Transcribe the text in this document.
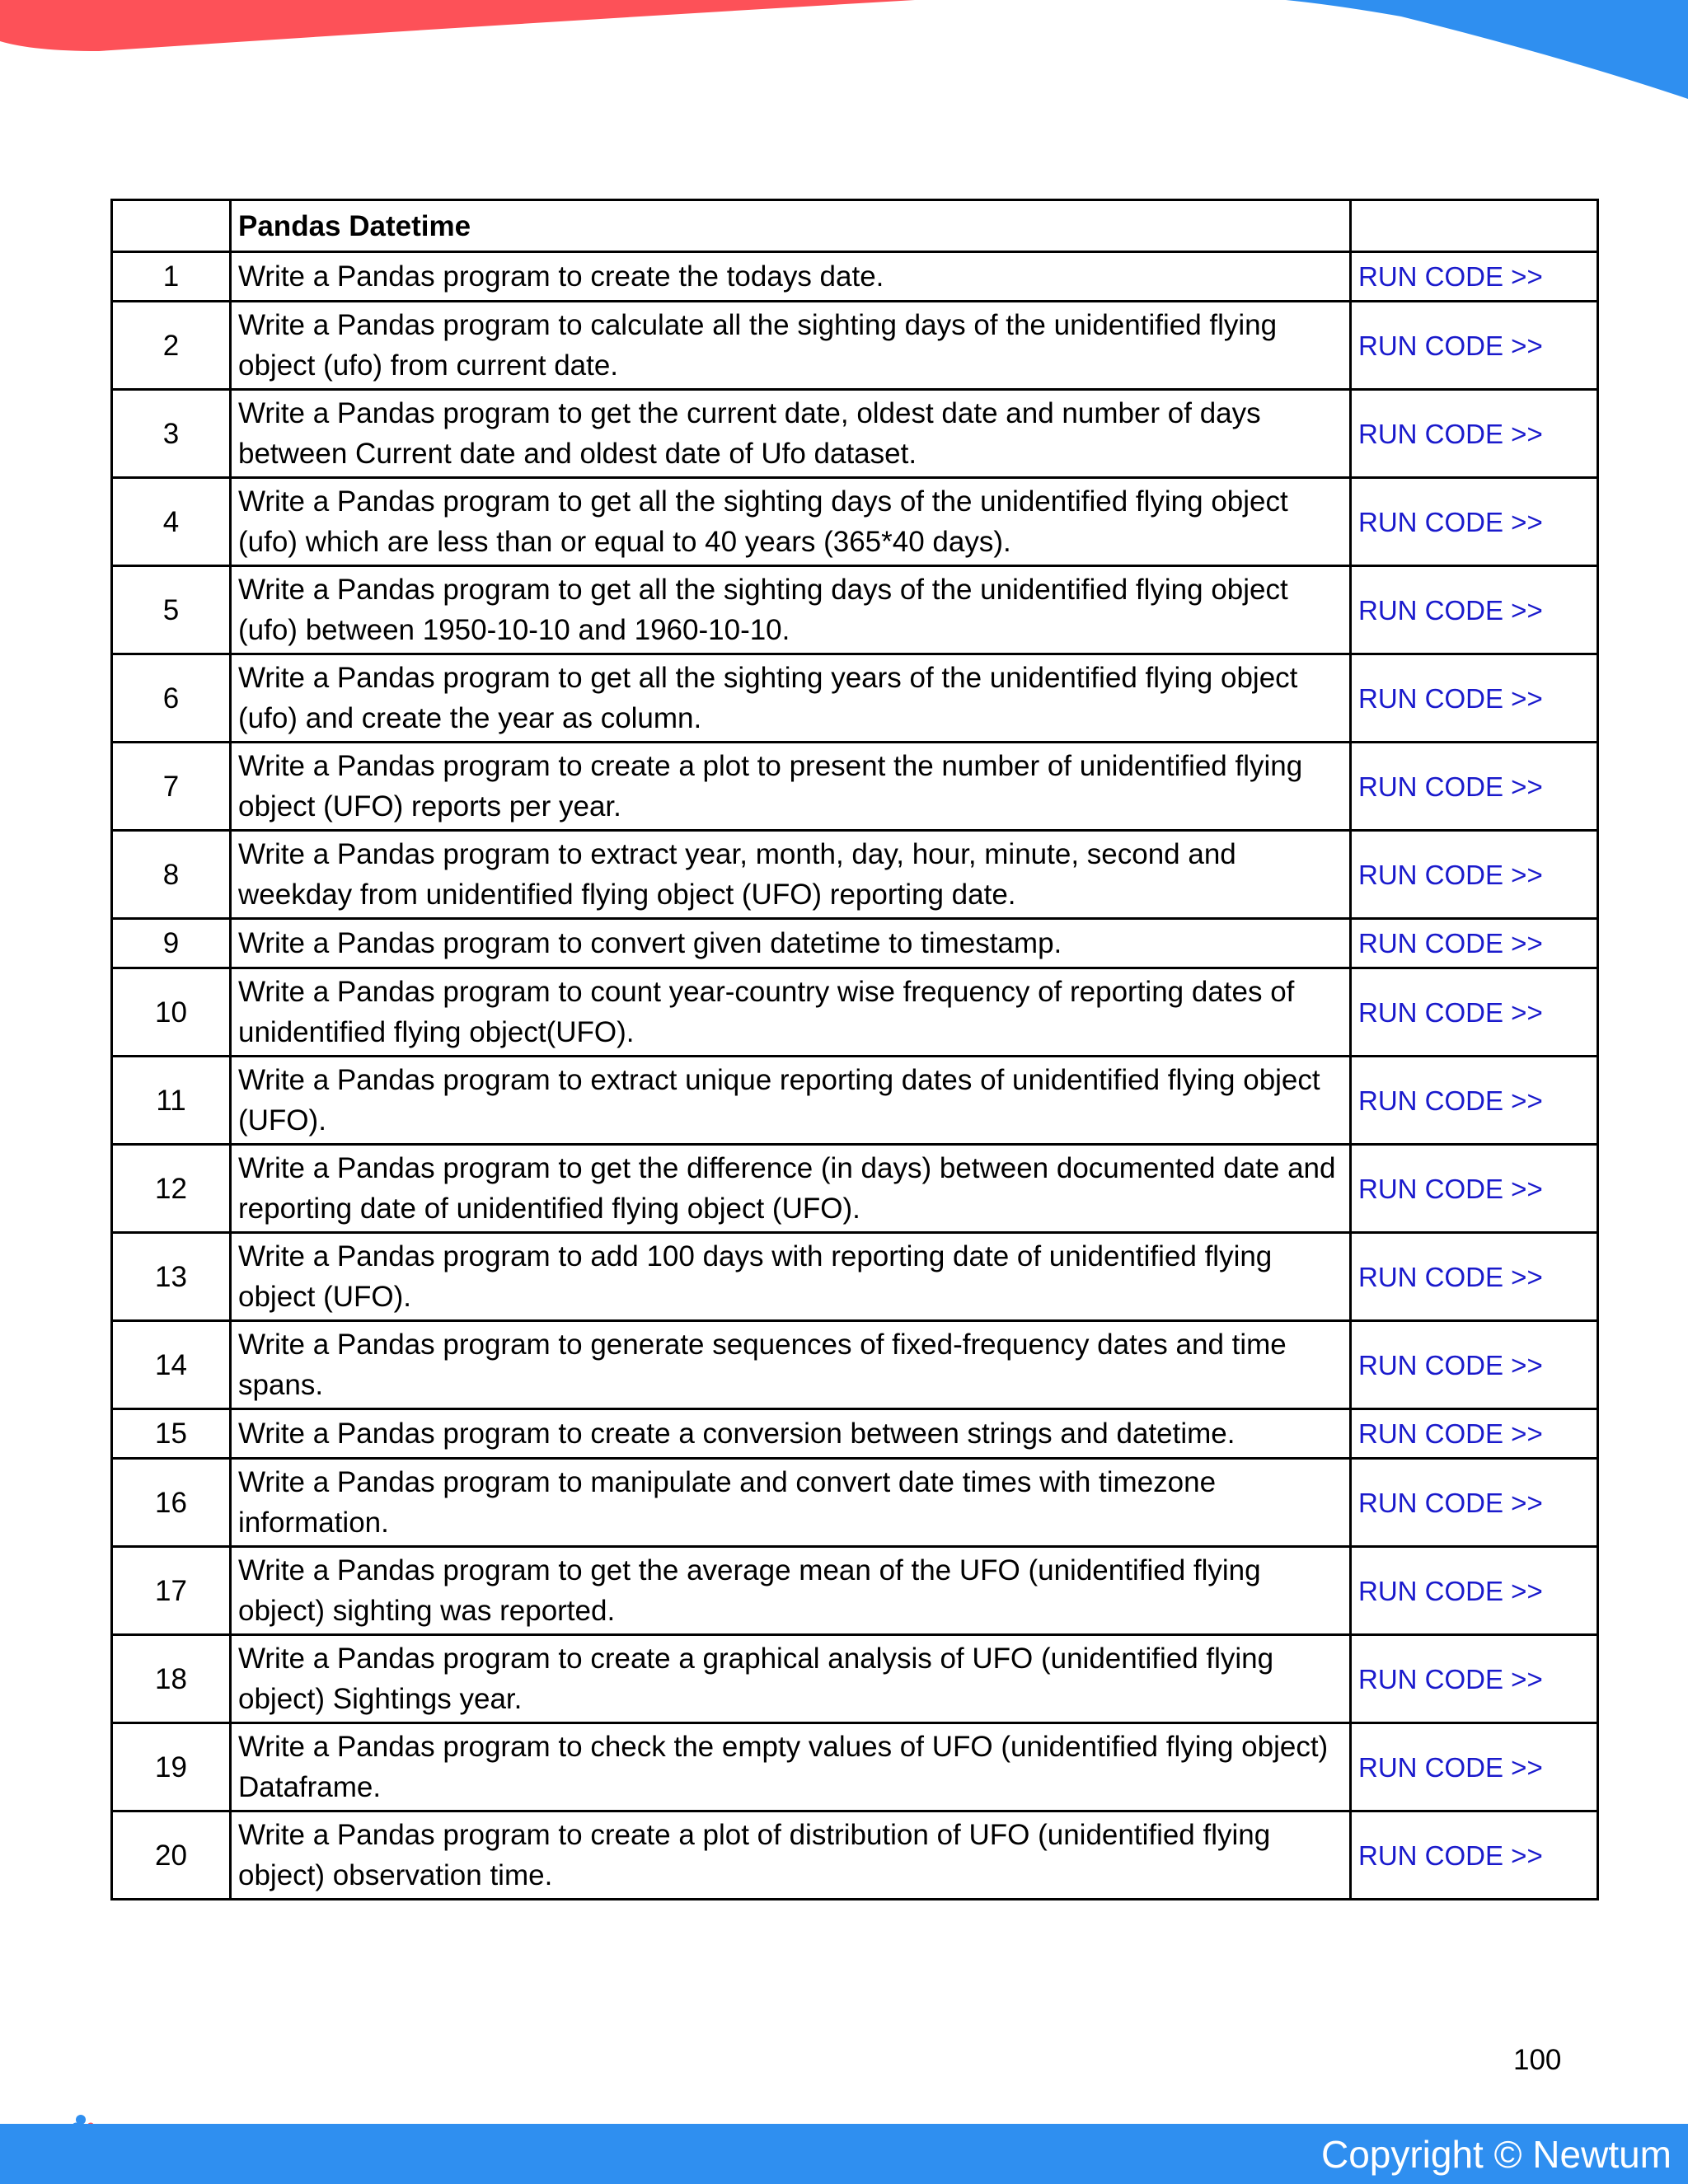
	Pandas Datetime	
1	Write a Pandas program to create the todays date.	RUN CODE >>
2	Write a Pandas program to calculate all the sighting days of the unidentified flying object (ufo) from current date.	RUN CODE >>
3	Write a Pandas program to get the current date, oldest date and number of days between Current date and oldest date of Ufo dataset.	RUN CODE >>
4	Write a Pandas program to get all the sighting days of the unidentified flying object (ufo) which are less than or equal to 40 years (365*40 days).	RUN CODE >>
5	Write a Pandas program to get all the sighting days of the unidentified flying object (ufo) between 1950-10-10 and 1960-10-10.	RUN CODE >>
6	Write a Pandas program to get all the sighting years of the unidentified flying object (ufo) and create the year as column.	RUN CODE >>
7	Write a Pandas program to create a plot to present the number of unidentified flying object (UFO) reports per year.	RUN CODE >>
8	Write a Pandas program to extract year, month, day, hour, minute, second and weekday from unidentified flying object (UFO) reporting date.	RUN CODE >>
9	Write a Pandas program to convert given datetime to timestamp.	RUN CODE >>
10	Write a Pandas program to count year-country wise frequency of reporting dates of unidentified flying object(UFO).	RUN CODE >>
11	Write a Pandas program to extract unique reporting dates of unidentified flying object (UFO).	RUN CODE >>
12	Write a Pandas program to get the difference (in days) between documented date and reporting date of unidentified flying object (UFO).	RUN CODE >>
13	Write a Pandas program to add 100 days with reporting date of unidentified flying object (UFO).	RUN CODE >>
14	Write a Pandas program to generate sequences of fixed-frequency dates and time spans.	RUN CODE >>
15	Write a Pandas program to create a conversion between strings and datetime.	RUN CODE >>
16	Write a Pandas program to manipulate and convert date times with timezone information.	RUN CODE >>
17	Write a Pandas program to get the average mean of the UFO (unidentified flying object) sighting was reported.	RUN CODE >>
18	Write a Pandas program to create a graphical analysis of UFO (unidentified flying object) Sightings year.	RUN CODE >>
19	Write a Pandas program to check the empty values of UFO (unidentified flying object) Dataframe.	RUN CODE >>
20	Write a Pandas program to create a plot of distribution of UFO (unidentified flying object) observation time.	RUN CODE >>
100
Copyright © Newtum
